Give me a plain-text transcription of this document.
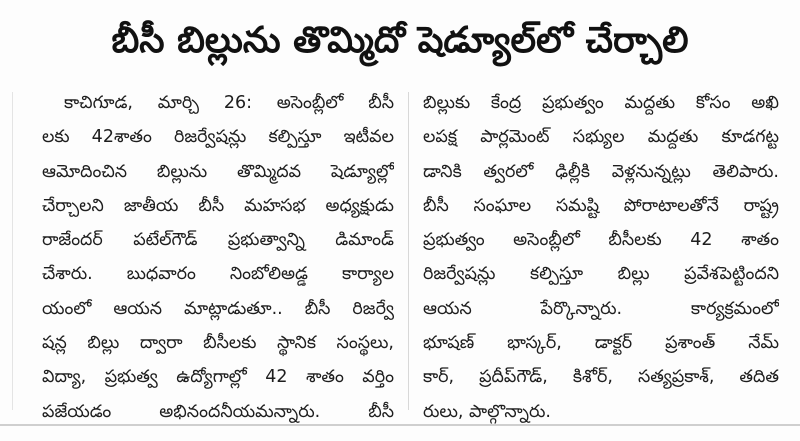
బీసీ బిల్లును తొమ్మిదో షెడ్యూల్‌లో చేర్చాలి
కాచిగూడ, మార్చి 26: అసెంబ్లీలో బీసీ
లకు 42శాతం రిజర్వేషన్లు కల్పిస్తూ ఇటీవల
ఆమోదించిన బిల్లును తొమ్మిదవ షెడ్యూల్లో
చేర్చాలని జాతీయ బీసీ మహసభ అధ్యక్షుడు
రాజేందర్ పటేల్‌గౌడ్ ప్రభుత్వాన్ని డిమాండ్
చేశారు. బుధవారం నింబోలిఅడ్డ కార్యాల
యంలో ఆయన మాట్లాడుతూ.. బీసీ రిజర్వే
షన్ల బిల్లు ద్వారా బీసీలకు స్థానిక సంస్థలు,
విద్యా, ప్రభుత్వ ఉద్యోగాల్లో 42 శాతం వర్తిం
పజేయడం అభినందనీయమన్నారు. బీసీ
బిల్లుకు కేంద్ర ప్రభుత్వం మద్దతు కోసం అఖి
లపక్ష పార్లమెంట్ సభ్యుల మద్దతు కూడగట్ట
డానికి త్వరలో ఢిల్లీకి వెళ్లనున్నట్లు తెలిపారు.
బీసీ సంఘాల సమష్టి పోరాటాలతోనే రాష్ట్ర
ప్రభుత్వం అసెంబ్లీలో బీసీలకు 42 శాతం
రిజర్వేషన్లు కల్పిస్తూ బిల్లు ప్రవేశపెట్టిందని
ఆయన పేర్కొన్నారు. కార్యక్రమంలో
భూషణ్ భాస్కర్, డాక్టర్ ప్రశాంత్ నేమ్
కార్, ప్రదీప్‌గౌడ్, కిశోర్, సత్యప్రకాశ్, తదిత
రులు, పాల్గొన్నారు.
